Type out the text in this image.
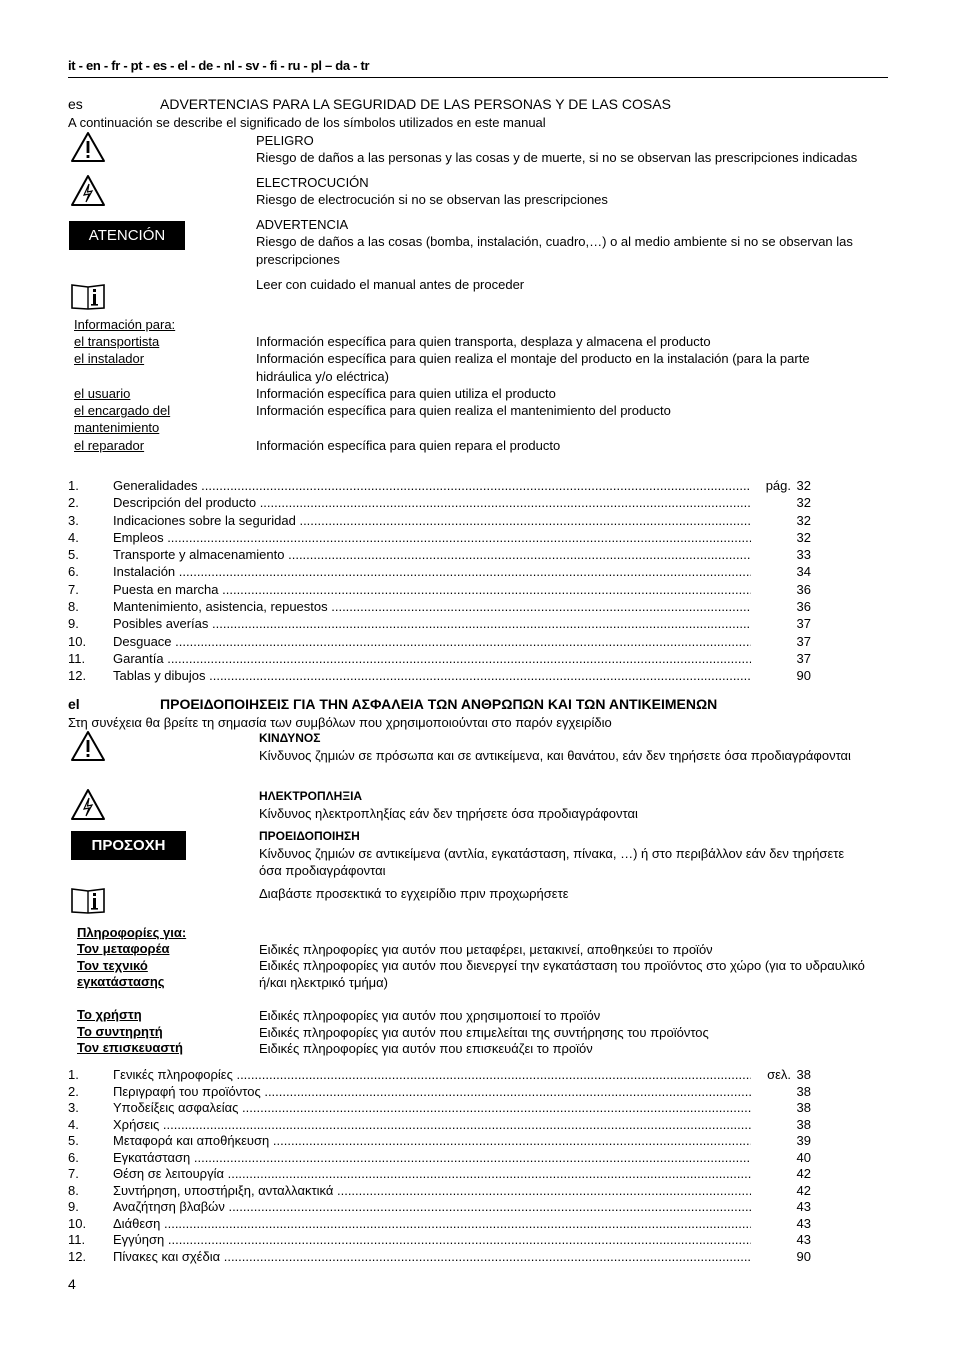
it - en - fr - pt - es - el - de - nl - sv - fi - ru - pl – da - tr
es	ADVERTENCIAS PARA LA SEGURIDAD DE LAS PERSONAS Y DE LAS COSAS
A continuación se describe el significado de los símbolos utilizados en este manual
PELIGRO
Riesgo de daños a las personas y las cosas y de muerte, si no se observan las prescripciones indicadas
ELECTROCUCIÓN
Riesgo de electrocución si no se observan las prescripciones
ATENCIÓN
ADVERTENCIA
Riesgo de daños a las cosas (bomba, instalación, cuadro,…) o al medio ambiente si no se observan las prescripciones
Leer con cuidado el manual antes de proceder
Información para:
el transportista	Información específica para quien transporta, desplaza y almacena el producto
el instalador	Información específica para quien realiza el montaje del producto en la instalación (para la parte hidráulica y/o eléctrica)
el usuario	Información específica para quien utiliza el producto
el encargado del
mantenimiento
Información específica para quien realiza el mantenimiento del producto
el reparador	Información específica para quien repara el producto
1.	Generalidades .....	pág. 32
2.	Descripción del producto .....	32
3.	Indicaciones sobre la seguridad .....	32
4.	Empleos .....	32
5.	Transporte y almacenamiento .....	33
6.	Instalación .....	34
7.	Puesta en marcha .....	36
8.	Mantenimiento, asistencia, repuestos .....	36
9.	Posibles averías .....	37
10.	Desguace .....	37
11.	Garantía .....	37
12.	Tablas y dibujos .....	90
el	ΠΡΟΕΙΔΟΠΟΙΗΣΕΙΣ ΓΙΑ ΤΗΝ ΑΣΦΑΛΕΙΑ ΤΩΝ ΑΝΘΡΩΠΩΝ ΚΑΙ ΤΩΝ ΑΝΤΙΚΕΙΜΕΝΩΝ
Στη συνέχεια θα βρείτε τη σημασία των συμβόλων που χρησιμοποιούνται στο παρόν εγχειρίδιο
ΚΙΝΔΥΝΟΣ
Κίνδυνος ζημιών σε πρόσωπα και σε αντικείμενα, και θανάτου, εάν δεν τηρήσετε όσα προδιαγράφονται
ΗΛΕΚΤΡΟΠΛΗΞΙΑ
Κίνδυνος ηλεκτροπληξίας εάν δεν τηρήσετε όσα προδιαγράφονται
ΠΡΟΣΟΧΗ
ΠΡΟΕΙΔΟΠΟΙΗΣΗ
Κίνδυνος ζημιών σε αντικείμενα (αντλία, εγκατάσταση, πίνακα, …) ή στο περιβάλλον εάν δεν τηρήσετε όσα προδιαγράφονται
Διαβάστε προσεκτικά το εγχειρίδιο πριν προχωρήσετε
Πληροφορίες για:
Τον μεταφορέα	Ειδικές πληροφορίες για αυτόν που μεταφέρει, μετακινεί, αποθηκεύει το προϊόν
Τον τεχνικό
εγκατάστασης
Ειδικές πληροφορίες για αυτόν που διενεργεί την εγκατάσταση του προϊόντος στο χώρο (για το υδραυλικό ή/και ηλεκτρικό τμήμα)
Το χρήστη	Ειδικές πληροφορίες για αυτόν που χρησιμοποιεί το προϊόν
Το συντηρητή	Ειδικές πληροφορίες για αυτόν που επιμελείται της συντήρησης του προϊόντος
Τον επισκευαστή	Ειδικές πληροφορίες για αυτόν που επισκευάζει το προϊόν
1.	Γενικές πληροφορίες .....	σελ. 38
2.	Περιγραφή του προϊόντος .....	38
3.	Υποδείξεις ασφαλείας .....	38
4.	Χρήσεις .....	38
5.	Μεταφορά και αποθήκευση .....	39
6.	Εγκατάσταση .....	40
7.	Θέση σε λειτουργία .....	42
8.	Συντήρηση, υποστήριξη, ανταλλακτικά .....	42
9.	Αναζήτηση βλαβών .....	43
10.	Διάθεση .....	43
11.	Εγγύηση .....	43
12.	Πίνακες και σχέδια .....	90
4
